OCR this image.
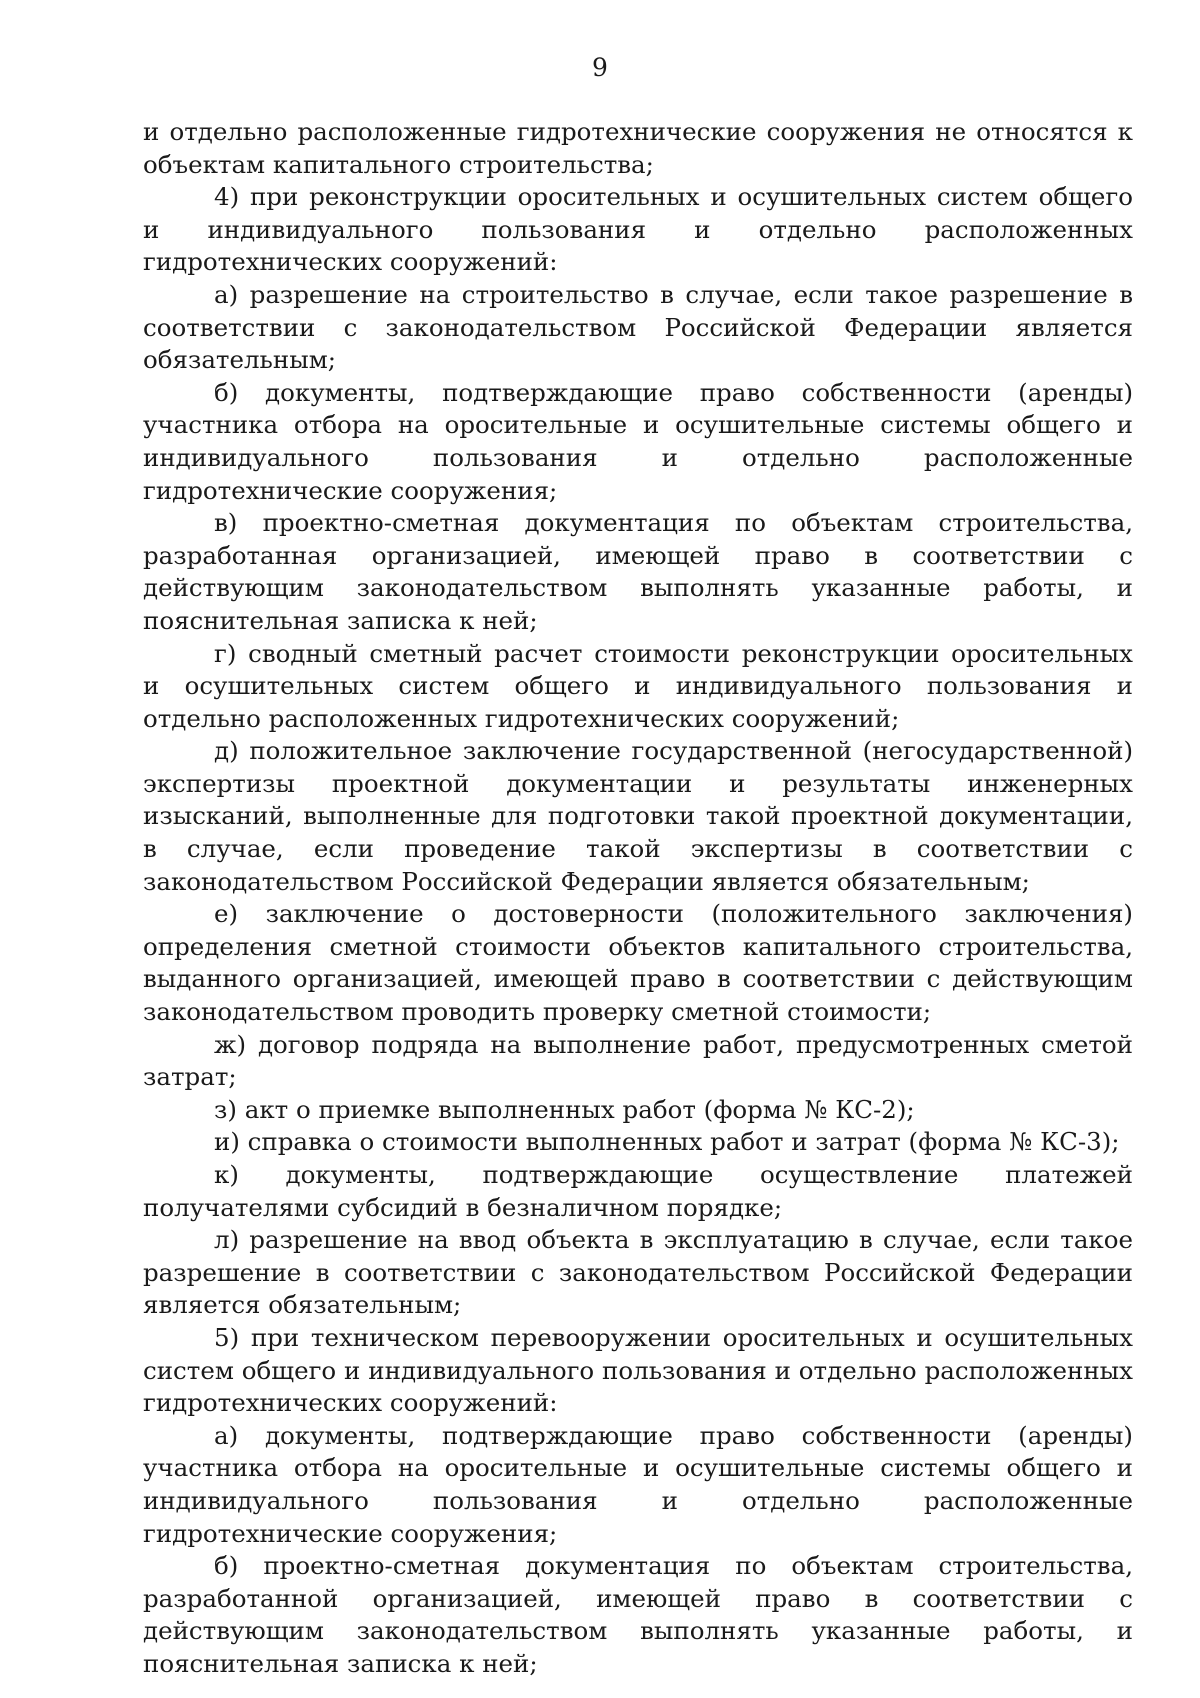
9

и отдельно расположенные гидротехнические сооружения не относятся к объектам капитального строительства;

4) при реконструкции оросительных и осушительных систем общего и индивидуального пользования и отдельно расположенных гидротехнических сооружений:

а) разрешение на строительство в случае, если такое разрешение в соответствии с законодательством Российской Федерации является обязательным;

б) документы, подтверждающие право собственности (аренды) участника отбора на оросительные и осушительные системы общего и индивидуального пользования и отдельно расположенные гидротехнические сооружения;

в) проектно-сметная документация по объектам строительства, разработанная организацией, имеющей право в соответствии с действующим законодательством выполнять указанные работы, и пояснительная записка к ней;

г) сводный сметный расчет стоимости реконструкции оросительных и осушительных систем общего и индивидуального пользования и отдельно расположенных гидротехнических сооружений;

д) положительное заключение государственной (негосударственной) экспертизы проектной документации и результаты инженерных изысканий, выполненные для подготовки такой проектной документации, в случае, если проведение такой экспертизы в соответствии с законодательством Российской Федерации является обязательным;

е) заключение о достоверности (положительного заключения) определения сметной стоимости объектов капитального строительства, выданного организацией, имеющей право в соответствии с действующим законодательством проводить проверку сметной стоимости;

ж) договор подряда на выполнение работ, предусмотренных сметой затрат;

з) акт о приемке выполненных работ (форма № КС-2);

и) справка о стоимости выполненных работ и затрат (форма № КС-3);

к) документы, подтверждающие осуществление платежей получателями субсидий в безналичном порядке;

л) разрешение на ввод объекта в эксплуатацию в случае, если такое разрешение в соответствии с законодательством Российской Федерации является обязательным;

5) при техническом перевооружении оросительных и осушительных систем общего и индивидуального пользования и отдельно расположенных гидротехнических сооружений:

а) документы, подтверждающие право собственности (аренды) участника отбора на оросительные и осушительные системы общего и индивидуального пользования и отдельно расположенные гидротехнические сооружения;

б) проектно-сметная документация по объектам строительства, разработанной организацией, имеющей право в соответствии с действующим законодательством выполнять указанные работы, и пояснительная записка к ней;
